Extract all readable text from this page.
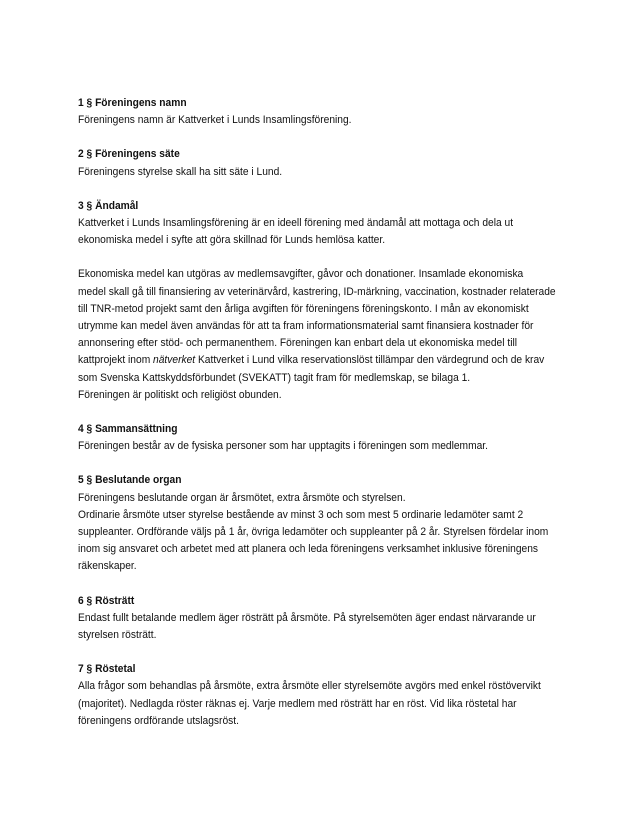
1 § Föreningens namn
Föreningens namn är Kattverket i Lunds Insamlingsförening.
2 § Föreningens säte
Föreningens styrelse skall ha sitt säte i Lund.
3 § Ändamål
Kattverket i Lunds Insamlingsförening är en ideell förening med ändamål att mottaga och dela ut
ekonomiska medel i syfte att göra skillnad för Lunds hemlösa katter.
Ekonomiska medel kan utgöras av medlemsavgifter, gåvor och donationer. Insamlade ekonomiska
medel skall gå till finansiering av veterinärvård, kastrering, ID-märkning, vaccination, kostnader relaterade
till TNR-metod projekt samt den årliga avgiften för föreningens föreningskonto. I mån av ekonomiskt
utrymme kan medel även användas för att ta fram informationsmaterial samt finansiera kostnader för
annonsering efter stöd- och permanenthem. Föreningen kan enbart dela ut ekonomiska medel till
kattprojekt inom nätverket Kattverket i Lund vilka reservationslöst tillämpar den värdegrund och de krav
som Svenska Kattskyddsförbundet (SVEKATT) tagit fram för medlemskap, se bilaga 1.
Föreningen är politiskt och religiöst obunden.
4 § Sammansättning
Föreningen består av de fysiska personer som har upptagits i föreningen som medlemmar.
5 § Beslutande organ
Föreningens beslutande organ är årsmötet, extra årsmöte och styrelsen.
Ordinarie årsmöte utser styrelse bestående av minst 3 och som mest 5 ordinarie ledamöter samt 2
suppleanter. Ordförande väljs på 1 år, övriga ledamöter och suppleanter på 2 år. Styrelsen fördelar inom
inom sig ansvaret och arbetet med att planera och leda föreningens verksamhet inklusive föreningens
räkenskaper.
6 § Rösträtt
Endast fullt betalande medlem äger rösträtt på årsmöte. På styrelsemöten äger endast närvarande ur
styrelsen rösträtt.
7 § Röstetal
Alla frågor som behandlas på årsmöte, extra årsmöte eller styrelsemöte avgörs med enkel röstövervikt
(majoritet). Nedlagda röster räknas ej. Varje medlem med rösträtt har en röst. Vid lika röstetal har
föreningens ordförande utslagsröst.
